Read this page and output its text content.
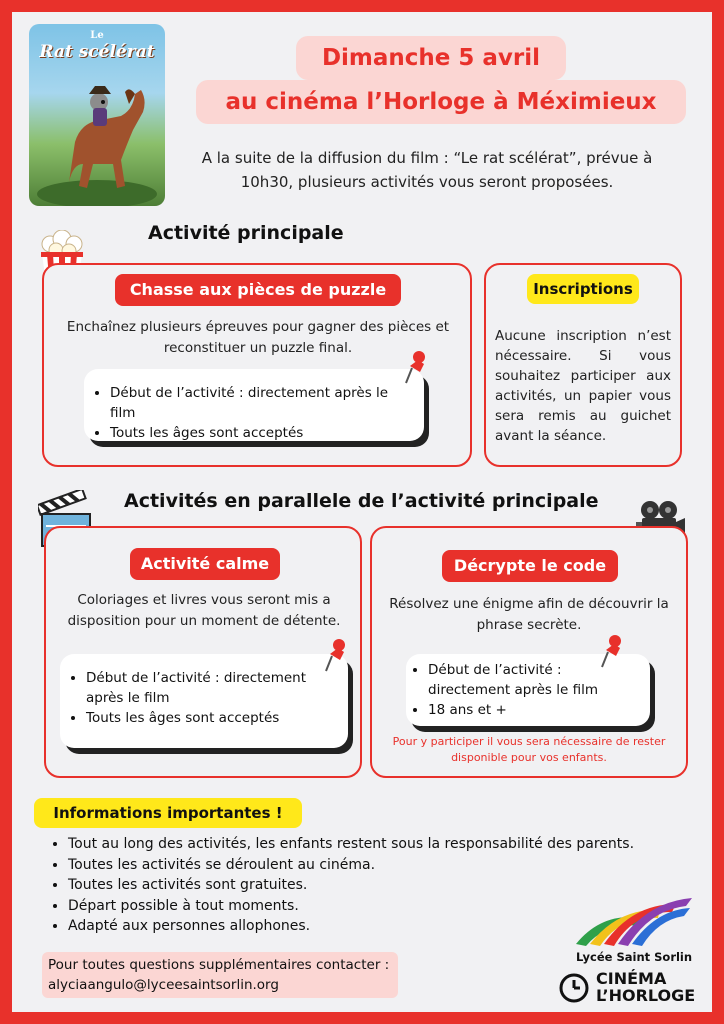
Le
Rat scélérat	Dimanche 5 avril
au cinéma l’Horloge à Méximieux
A la suite de la diffusion du film : “Le rat scélérat”, prévue à 10h30, plusieurs activités vous seront proposées.
Activité principale
Chasse aux pièces de puzzle
Enchaînez plusieurs épreuves pour gagner des pièces et reconstituer un puzzle final.
• Début de l’activité : directement après le film
• Touts les âges sont acceptés
Inscriptions
Aucune inscription n’est nécessaire. Si vous souhaitez participer aux activités, un papier vous sera remis au guichet avant la séance.
Activités en parallele de l’activité principale
Activité calme
Coloriages et livres vous seront mis a disposition pour un moment de détente.
• Début de l’activité : directement après le film
• Touts les âges sont acceptés
Décrypte le code
Résolvez une énigme afin de découvrir la phrase secrète.
• Début de l’activité : directement après le film
• 18 ans et +
Pour y participer il vous sera nécessaire de rester disponible pour vos enfants.
Informations importantes !
• Tout au long des activités, les enfants restent sous la responsabilité des parents.
• Toutes les activités se déroulent au cinéma.
• Toutes les activités sont gratuites.
• Départ possible à tout moments.
• Adapté aux personnes allophones.
Pour toutes questions supplémentaires contacter :
alyciaangulo@lyceesaintsorlin.org
Lycée Saint Sorlin
CINÉMA
L’HORLOGE
